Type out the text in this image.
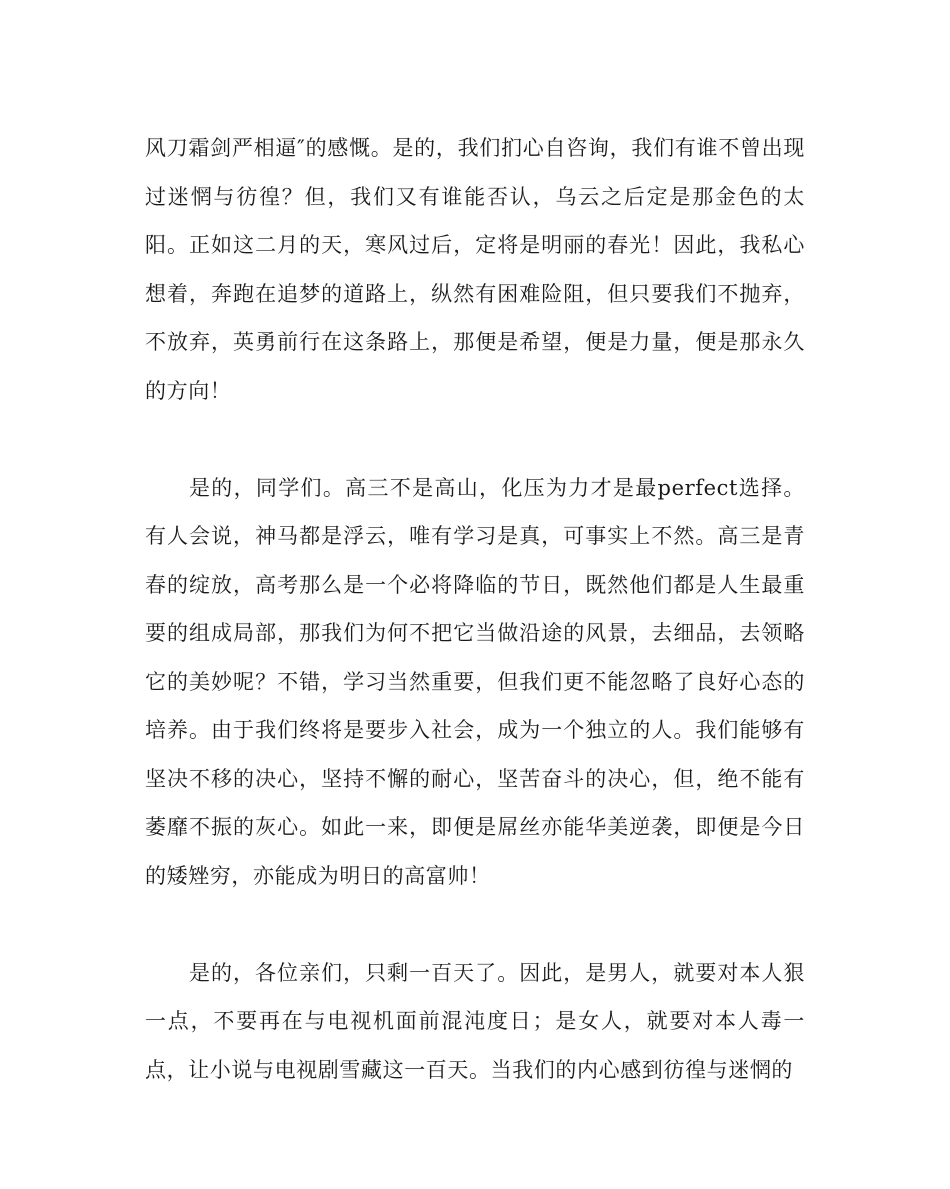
风刀霜剑严相逼″的感慨。是的，我们扪心自咨询，我们有谁不曾出现过迷惘与彷徨？但，我们又有谁能否认，乌云之后定是那金色的太阳。正如这二月的天，寒风过后，定将是明丽的春光！因此，我私心想着，奔跑在追梦的道路上，纵然有困难险阻，但只要我们不抛弃，不放弃，英勇前行在这条路上，那便是希望，便是力量，便是那永久的方向！

是的，同学们。高三不是高山，化压为力才是最perfect选择。有人会说，神马都是浮云，唯有学习是真，可事实上不然。高三是青春的绽放，高考那么是一个必将降临的节日，既然他们都是人生最重要的组成局部，那我们为何不把它当做沿途的风景，去细品，去领略它的美妙呢？不错，学习当然重要，但我们更不能忽略了良好心态的培养。由于我们终将是要步入社会，成为一个独立的人。我们能够有坚决不移的决心，坚持不懈的耐心，坚苦奋斗的决心，但，绝不能有萎靡不振的灰心。如此一来，即便是屌丝亦能华美逆袭，即便是今日的矮矬穷，亦能成为明日的高富帅！

是的，各位亲们，只剩一百天了。因此，是男人，就要对本人狠一点，不要再在与电视机面前混沌度日；是女人，就要对本人毒一点，让小说与电视剧雪藏这一百天。当我们的内心感到彷徨与迷惘的
